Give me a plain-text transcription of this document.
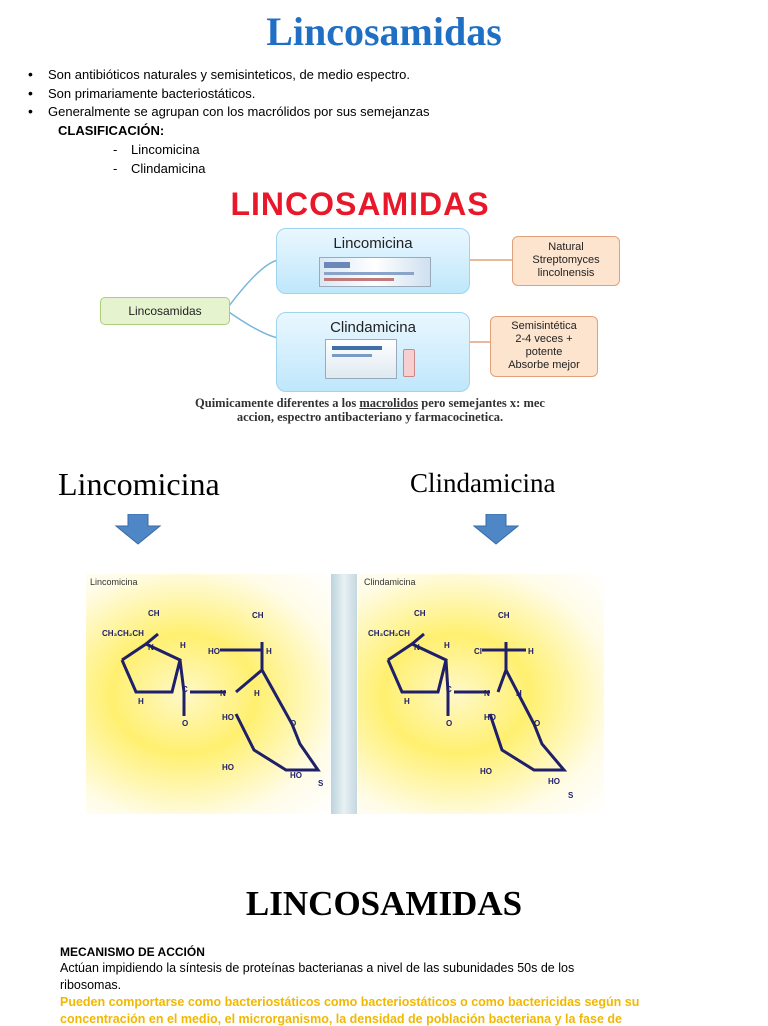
Lincosamidas
• Son antibióticos naturales y semisinteticos, de medio espectro.
• Son primariamente bacteriostáticos.
• Generalmente se agrupan con los macrólidos por sus semejanzas
CLASIFICACIÓN:
- Lincomicina
- Clindamicina
LINCOSAMIDAS
Lincosamidas
Lincomicina
Clindamicina
Natural
Streptomyces
lincolnensis
Semisintética
2-4 veces +
potente
Absorbe mejor
Quimicamente diferentes a los macrolidos pero semejantes x: mec
accion, espectro antibacteriano y farmacocinetica.
Lincomicina	Clindamicina
Lincomicina
CH
CH₃CH₂CH
N	H
H
C
O
HO
CH
H
N	H
HO
O
HO
HO
S
Clindamicina
CH
CH₃CH₂CH
N	H
H
C
O
Cl
CH
H
N	H
HO
O
HO
HO
S
LINCOSAMIDAS
MECANISMO DE ACCIÓN
Actúan impidiendo la síntesis de proteínas bacterianas a nivel de las subunidades 50s de los
ribosomas.
Pueden comportarse como bacteriostáticos como bacteriostáticos o como bactericidas según su
concentración en el medio, el microrganismo, la densidad de población bacteriana y la fase de
